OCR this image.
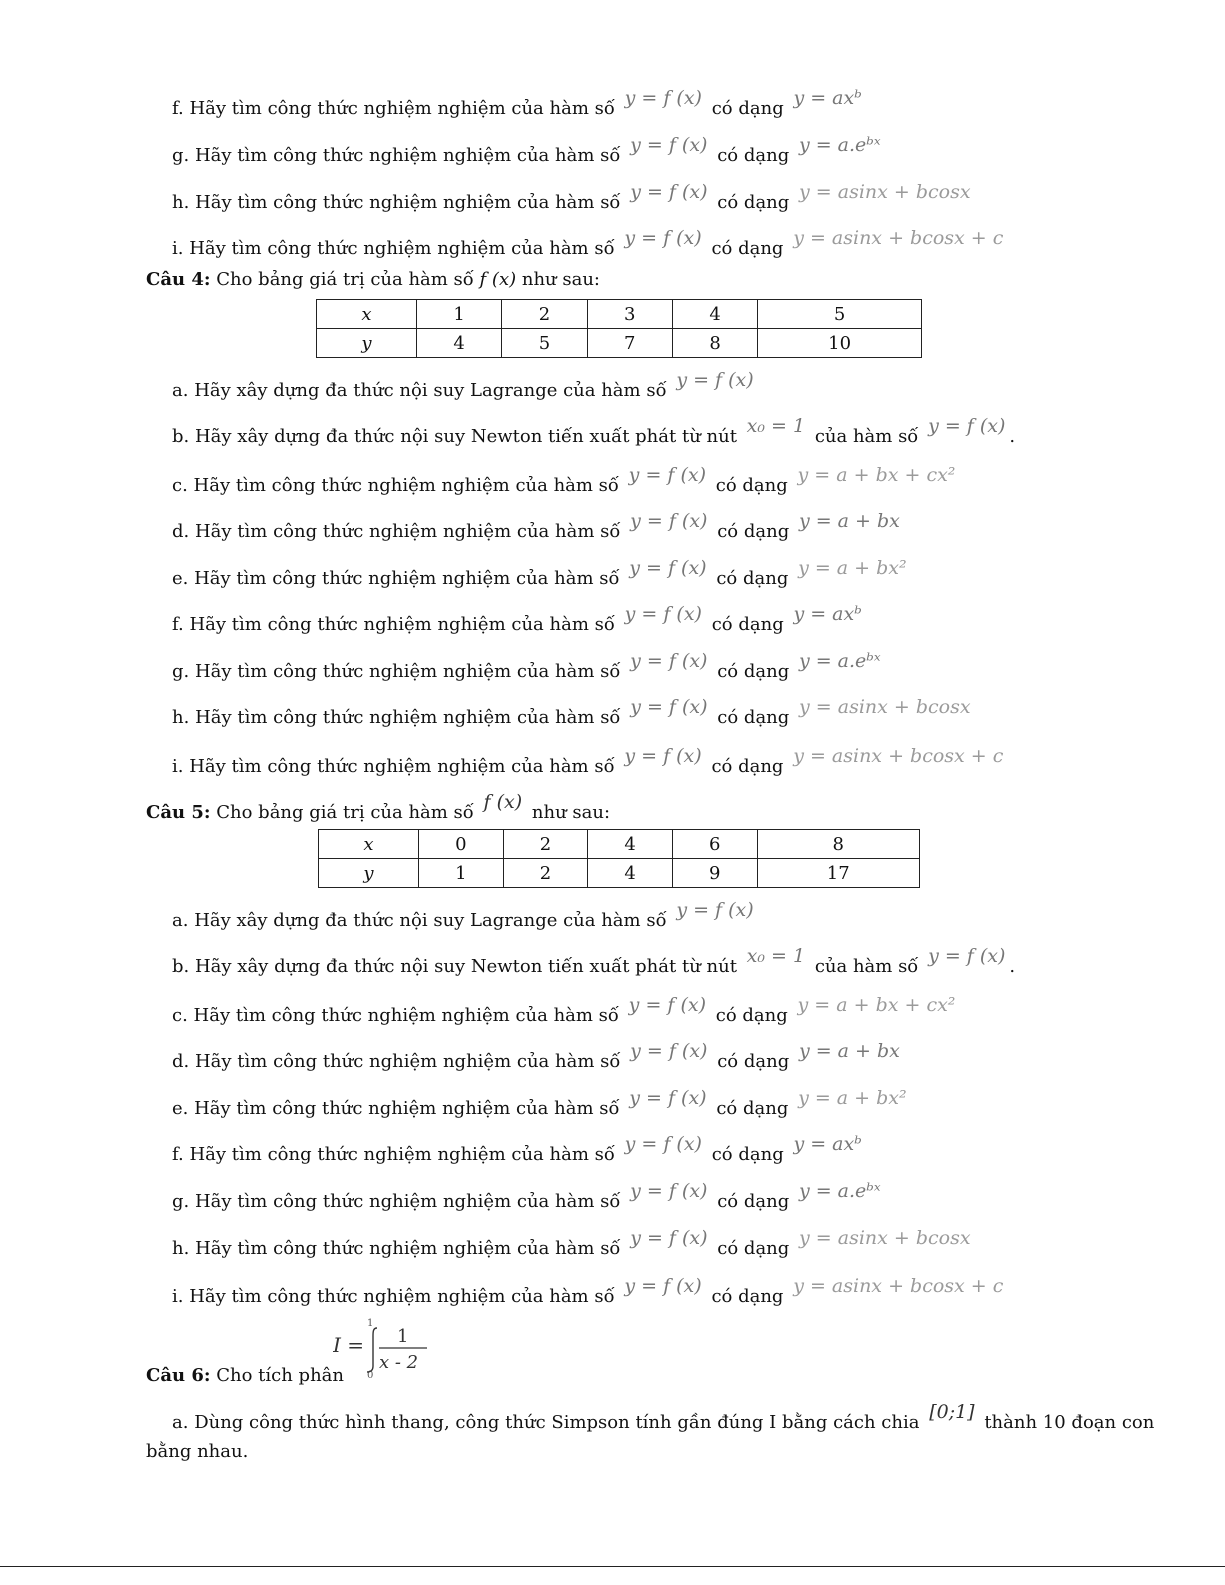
f. Hãy tìm công thức nghiệm nghiệm của hàm số y = f (x) có dạng y = axᵇ
g. Hãy tìm công thức nghiệm nghiệm của hàm số y = f (x) có dạng y = a.eᵇˣ
h. Hãy tìm công thức nghiệm nghiệm của hàm số y = f (x) có dạng y = asinx + bcosx
i. Hãy tìm công thức nghiệm nghiệm của hàm số y = f (x) có dạng y = asinx + bcosx + c
Câu 4: Cho bảng giá trị của hàm số f (x) như sau:
x	1	2	3	4	5
y	4	5	7	8	10
a. Hãy xây dựng đa thức nội suy Lagrange của hàm số y = f (x)
b. Hãy xây dựng đa thức nội suy Newton tiến xuất phát từ nút x₀ = 1 của hàm số y = f (x) .
c. Hãy tìm công thức nghiệm nghiệm của hàm số y = f (x) có dạng y = a + bx + cx²
d. Hãy tìm công thức nghiệm nghiệm của hàm số y = f (x) có dạng y = a + bx
e. Hãy tìm công thức nghiệm nghiệm của hàm số y = f (x) có dạng y = a + bx²
f. Hãy tìm công thức nghiệm nghiệm của hàm số y = f (x) có dạng y = axᵇ
g. Hãy tìm công thức nghiệm nghiệm của hàm số y = f (x) có dạng y = a.eᵇˣ
h. Hãy tìm công thức nghiệm nghiệm của hàm số y = f (x) có dạng y = asinx + bcosx
i. Hãy tìm công thức nghiệm nghiệm của hàm số y = f (x) có dạng y = asinx + bcosx + c
Câu 5: Cho bảng giá trị của hàm số f (x) như sau:
x	0	2	4	6	8
y	1	2	4	9	17
a. Hãy xây dựng đa thức nội suy Lagrange của hàm số y = f (x)
b. Hãy xây dựng đa thức nội suy Newton tiến xuất phát từ nút x₀ = 1 của hàm số y = f (x) .
c. Hãy tìm công thức nghiệm nghiệm của hàm số y = f (x) có dạng y = a + bx + cx²
d. Hãy tìm công thức nghiệm nghiệm của hàm số y = f (x) có dạng y = a + bx
e. Hãy tìm công thức nghiệm nghiệm của hàm số y = f (x) có dạng y = a + bx²
f. Hãy tìm công thức nghiệm nghiệm của hàm số y = f (x) có dạng y = axᵇ
g. Hãy tìm công thức nghiệm nghiệm của hàm số y = f (x) có dạng y = a.eᵇˣ
h. Hãy tìm công thức nghiệm nghiệm của hàm số y = f (x) có dạng y = asinx + bcosx
i. Hãy tìm công thức nghiệm nghiệm của hàm số y = f (x) có dạng y = asinx + bcosx + c
Câu 6: Cho tích phân
I =
1
0
1
x - 2
a. Dùng công thức hình thang, công thức Simpson tính gần đúng I bằng cách chia [0;1] thành 10 đoạn con
bằng nhau.
